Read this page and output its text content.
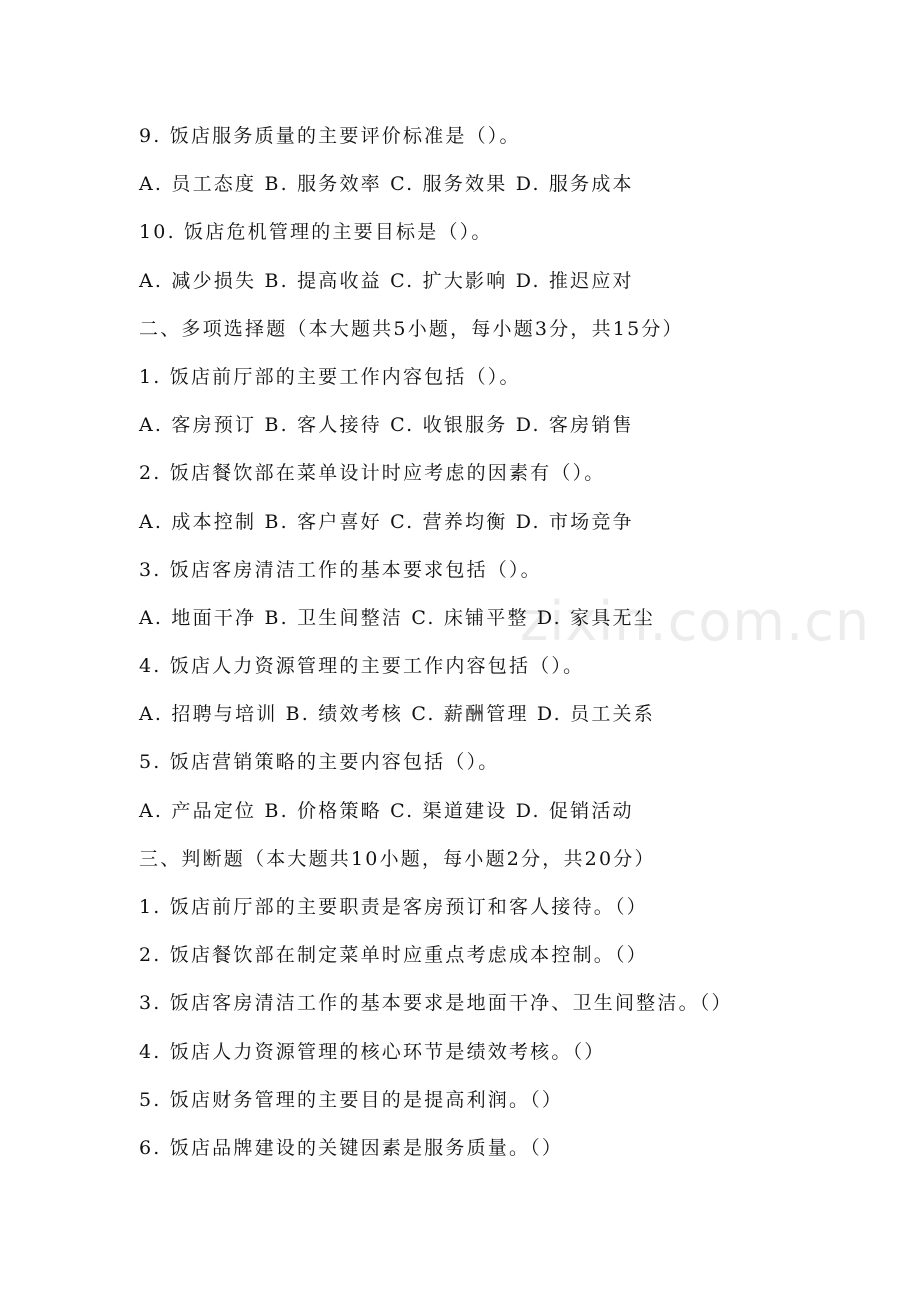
9. 饭店服务质量的主要评价标准是（）。
A. 员工态度 B. 服务效率 C. 服务效果 D. 服务成本
10. 饭店危机管理的主要目标是（）。
A. 减少损失 B. 提高收益 C. 扩大影响 D. 推迟应对
二、多项选择题（本大题共5小题，每小题3分，共15分）
1. 饭店前厅部的主要工作内容包括（）。
A. 客房预订 B. 客人接待 C. 收银服务 D. 客房销售
2. 饭店餐饮部在菜单设计时应考虑的因素有（）。
A. 成本控制 B. 客户喜好 C. 营养均衡 D. 市场竞争
3. 饭店客房清洁工作的基本要求包括（）。
A. 地面干净 B. 卫生间整洁 C. 床铺平整 D. 家具无尘
4. 饭店人力资源管理的主要工作内容包括（）。
A. 招聘与培训 B. 绩效考核 C. 薪酬管理 D. 员工关系
5. 饭店营销策略的主要内容包括（）。
A. 产品定位 B. 价格策略 C. 渠道建设 D. 促销活动
三、判断题（本大题共10小题，每小题2分，共20分）
1. 饭店前厅部的主要职责是客房预订和客人接待。（）
2. 饭店餐饮部在制定菜单时应重点考虑成本控制。（）
3. 饭店客房清洁工作的基本要求是地面干净、卫生间整洁。（）
4. 饭店人力资源管理的核心环节是绩效考核。（）
5. 饭店财务管理的主要目的是提高利润。（）
6. 饭店品牌建设的关键因素是服务质量。（）
zixin.com.cn
